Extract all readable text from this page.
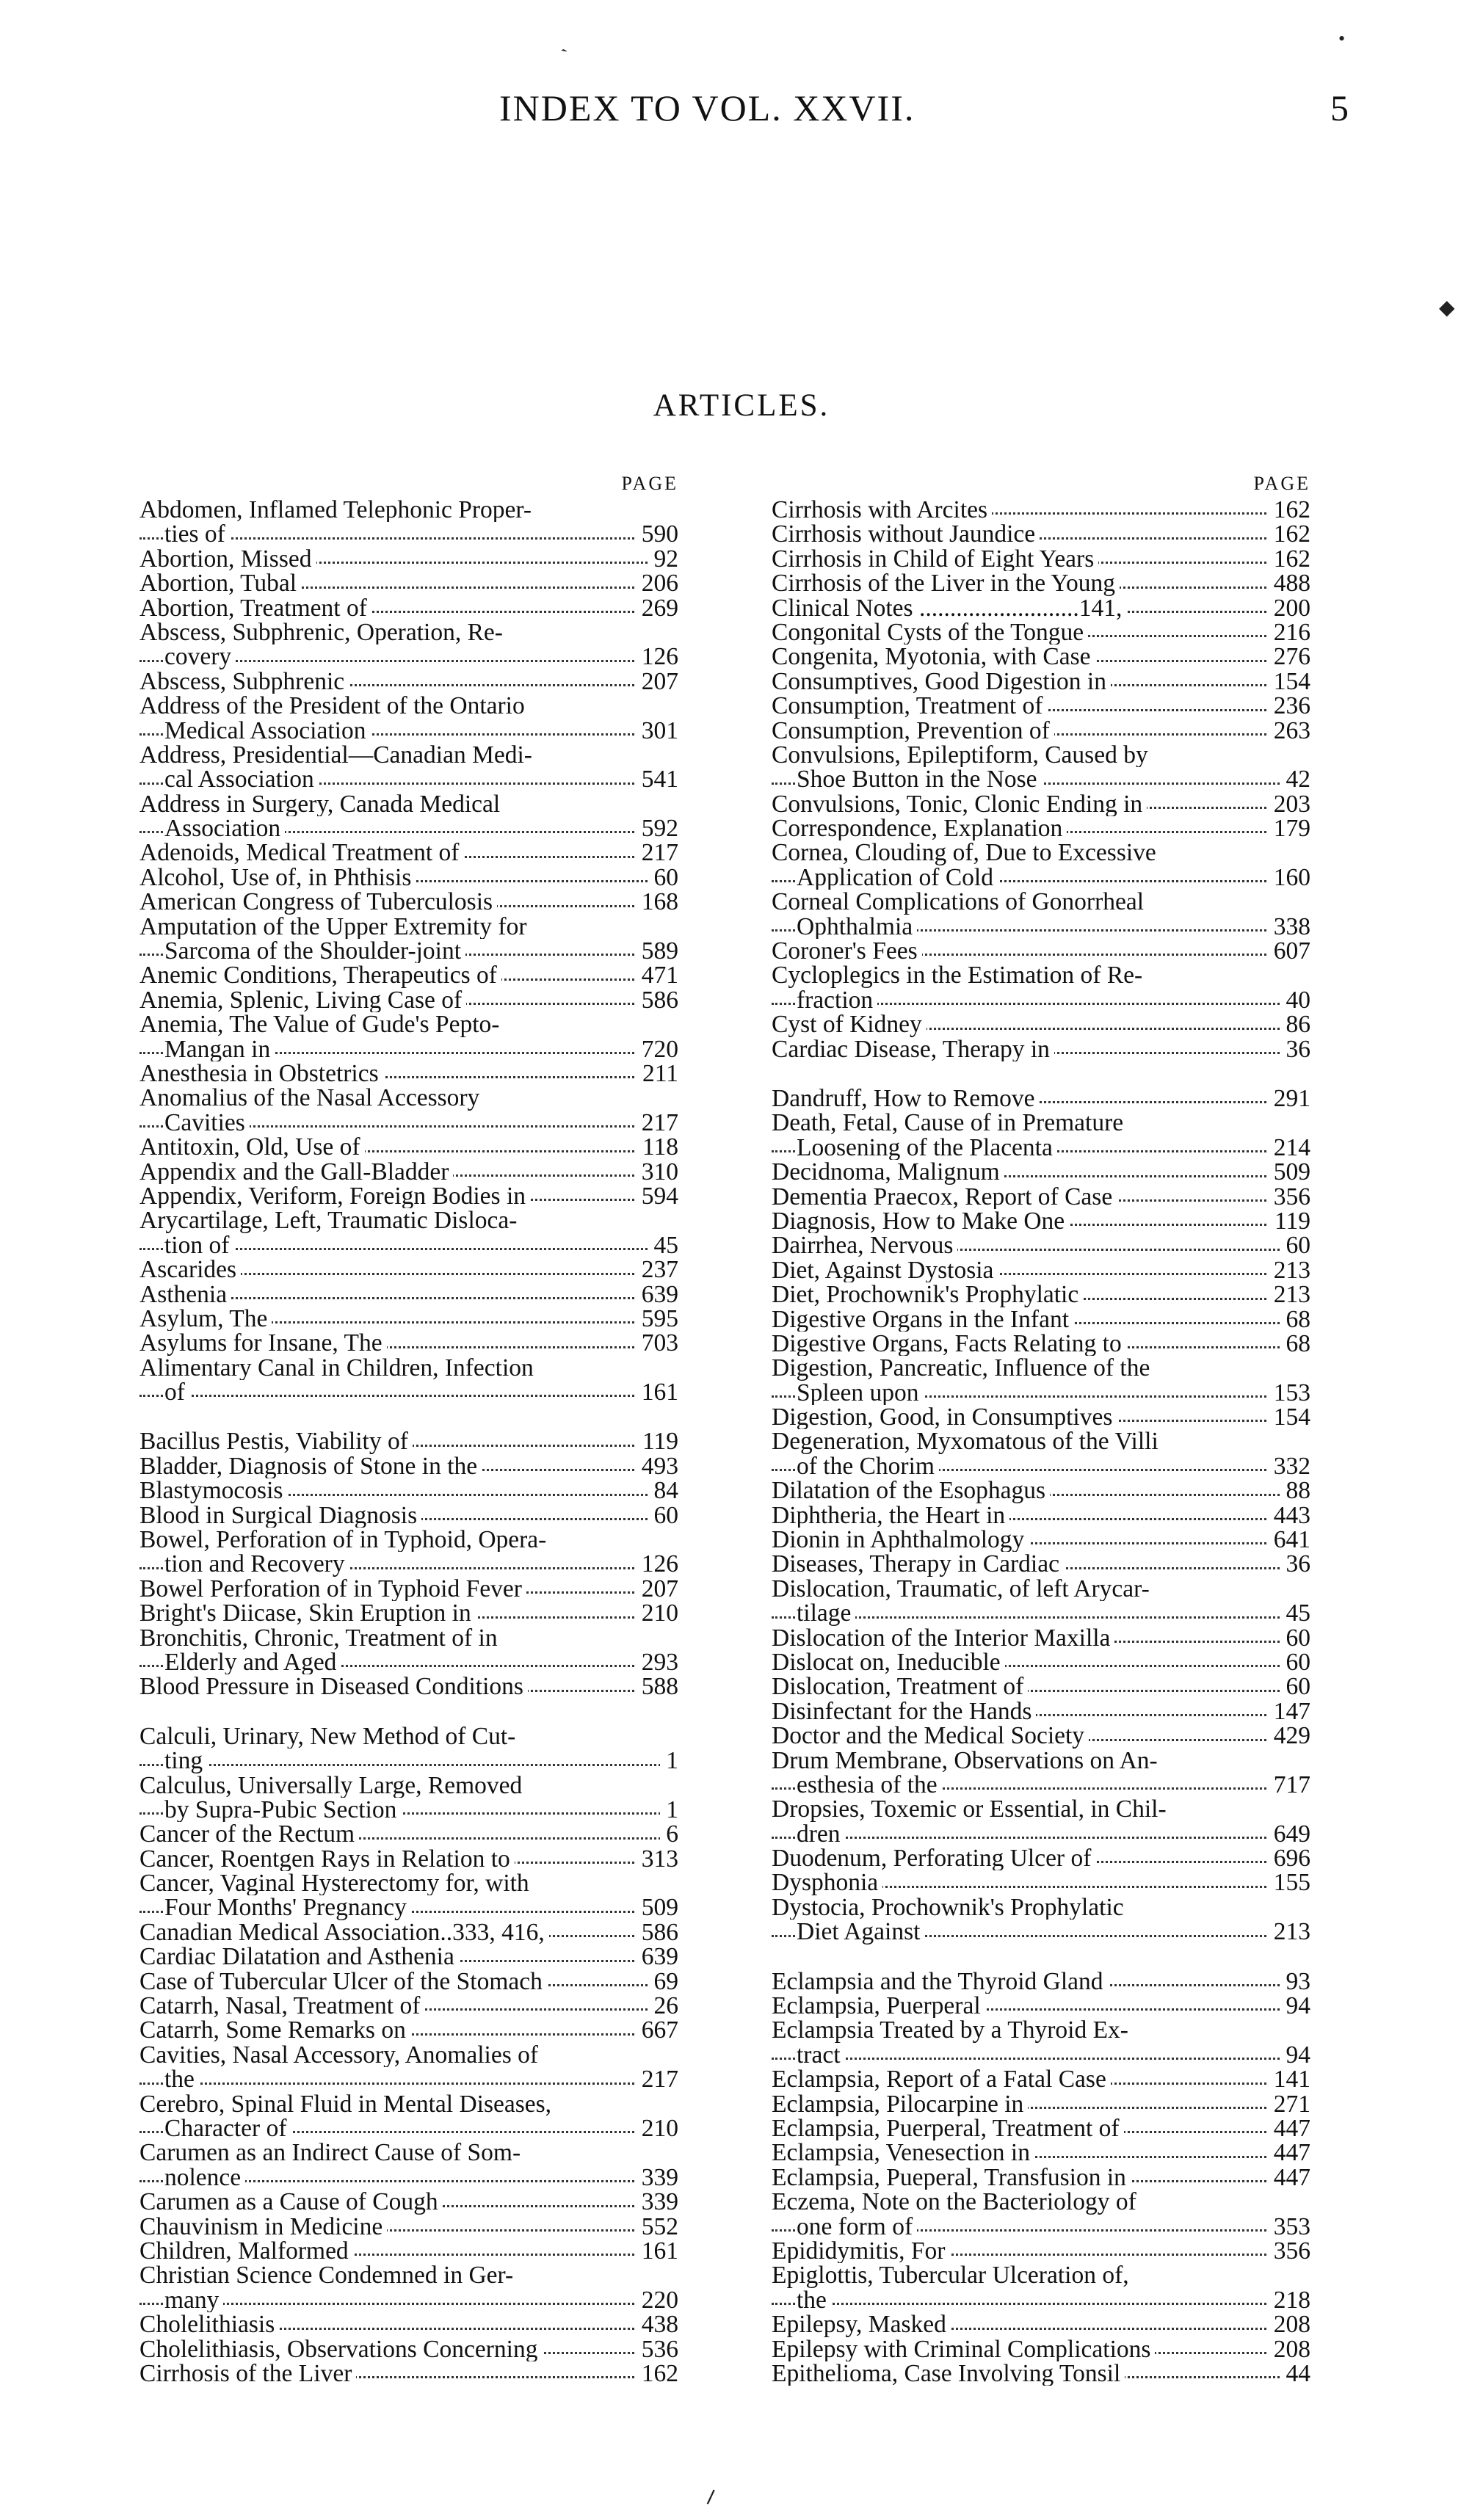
INDEX TO VOL. XXVII.	5
ARTICLES.
PAGE
Abdomen, Inflamed Telephonic Proper-
ties of	590
Abortion, Missed	92
Abortion, Tubal	206
Abortion, Treatment of	269
Abscess, Subphrenic, Operation, Re-
covery	126
Abscess, Subphrenic	207
Address of the President of the Ontario
Medical Association	301
Address, Presidential—Canadian Medi-
cal Association	541
Address in Surgery, Canada Medical
Association	592
Adenoids, Medical Treatment of	217
Alcohol, Use of, in Phthisis	60
American Congress of Tuberculosis	168
Amputation of the Upper Extremity for
Sarcoma of the Shoulder-joint	589
Anemic Conditions, Therapeutics of	471
Anemia, Splenic, Living Case of	586
Anemia, The Value of Gude's Pepto-
Mangan in	720
Anesthesia in Obstetrics	211
Anomalius of the Nasal Accessory
Cavities	217
Antitoxin, Old, Use of	118
Appendix and the Gall-Bladder	310
Appendix, Veriform, Foreign Bodies in	594
Arycartilage, Left, Traumatic Disloca-
tion of	45
Ascarides	237
Asthenia	639
Asylum, The	595
Asylums for Insane, The	703
Alimentary Canal in Children, Infection
of	161
Bacillus Pestis, Viability of	119
Bladder, Diagnosis of Stone in the	493
Blastymocosis	84
Blood in Surgical Diagnosis	60
Bowel, Perforation of in Typhoid, Opera-
tion and Recovery	126
Bowel Perforation of in Typhoid Fever	207
Bright's Diicase, Skin Eruption in	210
Bronchitis, Chronic, Treatment of in
Elderly and Aged	293
Blood Pressure in Diseased Conditions	588
Calculi, Urinary, New Method of Cut-
ting	1
Calculus, Universally Large, Removed
by Supra-Pubic Section	1
Cancer of the Rectum	6
Cancer, Roentgen Rays in Relation to	313
Cancer, Vaginal Hysterectomy for, with
Four Months' Pregnancy	509
Canadian Medical Association..333, 416,	586
Cardiac Dilatation and Asthenia	639
Case of Tubercular Ulcer of the Stomach	69
Catarrh, Nasal, Treatment of	26
Catarrh, Some Remarks on	667
Cavities, Nasal Accessory, Anomalies of
the	217
Cerebro, Spinal Fluid in Mental Diseases,
Character of	210
Carumen as an Indirect Cause of Som-
nolence	339
Carumen as a Cause of Cough	339
Chauvinism in Medicine	552
Children, Malformed	161
Christian Science Condemned in Ger-
many	220
Cholelithiasis	438
Cholelithiasis, Observations Concerning	536
Cirrhosis of the Liver	162
PAGE
Cirrhosis with Arcites	162
Cirrhosis without Jaundice	162
Cirrhosis in Child of Eight Years	162
Cirrhosis of the Liver in the Young	488
Clinical Notes ..........................141,	200
Congonital Cysts of the Tongue	216
Congenita, Myotonia, with Case	276
Consumptives, Good Digestion in	154
Consumption, Treatment of	236
Consumption, Prevention of	263
Convulsions, Epileptiform, Caused by
Shoe Button in the Nose	42
Convulsions, Tonic, Clonic Ending in	203
Correspondence, Explanation	179
Cornea, Clouding of, Due to Excessive
Application of Cold	160
Corneal Complications of Gonorrheal
Ophthalmia	338
Coroner's Fees	607
Cycloplegics in the Estimation of Re-
fraction	40
Cyst of Kidney	86
Cardiac Disease, Therapy in	36
Dandruff, How to Remove	291
Death, Fetal, Cause of in Premature
Loosening of the Placenta	214
Decidnoma, Malignum	509
Dementia Praecox, Report of Case	356
Diagnosis, How to Make One	119
Dairrhea, Nervous	60
Diet, Against Dystosia	213
Diet, Prochownik's Prophylatic	213
Digestive Organs in the Infant	68
Digestive Organs, Facts Relating to	68
Digestion, Pancreatic, Influence of the
Spleen upon	153
Digestion, Good, in Consumptives	154
Degeneration, Myxomatous of the Villi
of the Chorim	332
Dilatation of the Esophagus	88
Diphtheria, the Heart in	443
Dionin in Aphthalmology	641
Diseases, Therapy in Cardiac	36
Dislocation, Traumatic, of left Arycar-
tilage	45
Dislocation of the Interior Maxilla	60
Dislocat on, Ineducible	60
Dislocation, Treatment of	60
Disinfectant for the Hands	147
Doctor and the Medical Society	429
Drum Membrane, Observations on An-
esthesia of the	717
Dropsies, Toxemic or Essential, in Chil-
dren	649
Duodenum, Perforating Ulcer of	696
Dysphonia	155
Dystocia, Prochownik's Prophylatic
Diet Against	213
Eclampsia and the Thyroid Gland	93
Eclampsia, Puerperal	94
Eclampsia Treated by a Thyroid Ex-
tract	94
Eclampsia, Report of a Fatal Case	141
Eclampsia, Pilocarpine in	271
Eclampsia, Puerperal, Treatment of	447
Eclampsia, Venesection in	447
Eclampsia, Pueperal, Transfusion in	447
Eczema, Note on the Bacteriology of
one form of	353
Epididymitis, For	356
Epiglottis, Tubercular Ulceration of,
the	218
Epilepsy, Masked	208
Epilepsy with Criminal Complications	208
Epithelioma, Case Involving Tonsil	44
ˏ	•
◆
⸝
